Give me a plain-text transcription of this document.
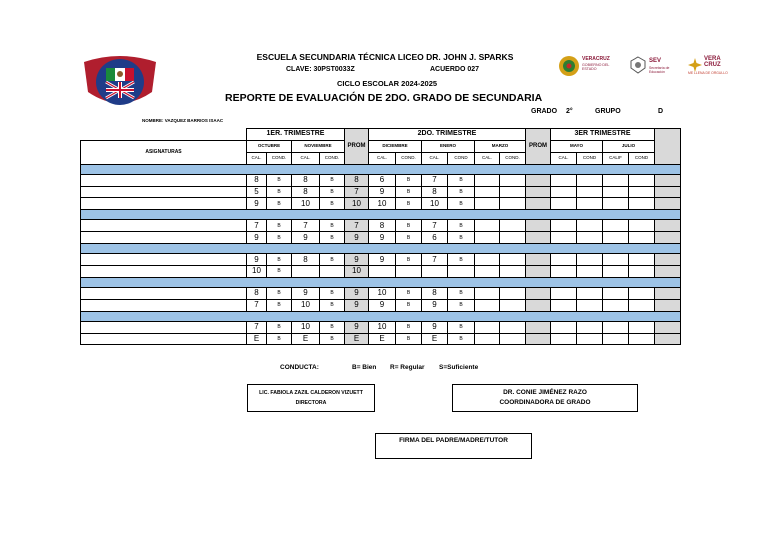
NOMBRE: VAZQUEZ BARRIOS ISAAC
ESCUELA SECUNDARIA TÉCNICA LICEO DR. JOHN J. SPARKS
CLAVE: 30PST0033Z	ACUERDO 027
CICLO ESCOLAR 2024-2025
REPORTE DE EVALUACIÓN DE 2DO. GRADO DE SECUNDARIA
GRADO 2°	GRUPO	D
VERACRUZ
GOBIERNO DEL ESTADO
SEV
Secretaría de Educación
VERA CRUZ
ME LLENA DE ORGULLO
	1ER. TRIMESTRE				PROM	2DO. TRIMESTRE						PROM	3ER TRIMESTRE				
ASIGNATURAS	OCTUBRE		NOVIEMBRE			DICIEMBRE		ENERO		MARZO			MAYO		JULIO		
	CAL.	COND.	CAL.	COND.		CAL.	COND.	CAL.	COND	CAL.	COND.		CAL.	COND	CALIF	COND	

	8	B	8	B	8	6	B	7	B								
	5	B	8	B	7	9	B	8	B								
	9	B	10	B	10	10	B	10	B								

	7	B	7	B	7	8	B	7	B								
	9	B	9	B	9	9	B	6	B								

	9	B	8	B	9	9	B	7	B								
	10	B			10												

	8	B	9	B	9	10	B	8	B								
	7	B	10	B	9	9	B	9	B								

	7	B	10	B	9	10	B	9	B								
	E	B	E	B	E	E	B	E	B								
CONDUCTA:	B= Bien R= Regular S=Suficiente
LIC. FABIOLA ZAZIL CALDERON VIZUETT
DIRECTORA
DR. CONIE JIMÉNEZ RAZO
COORDINADORA DE GRADO
FIRMA DEL PADRE/MADRE/TUTOR
